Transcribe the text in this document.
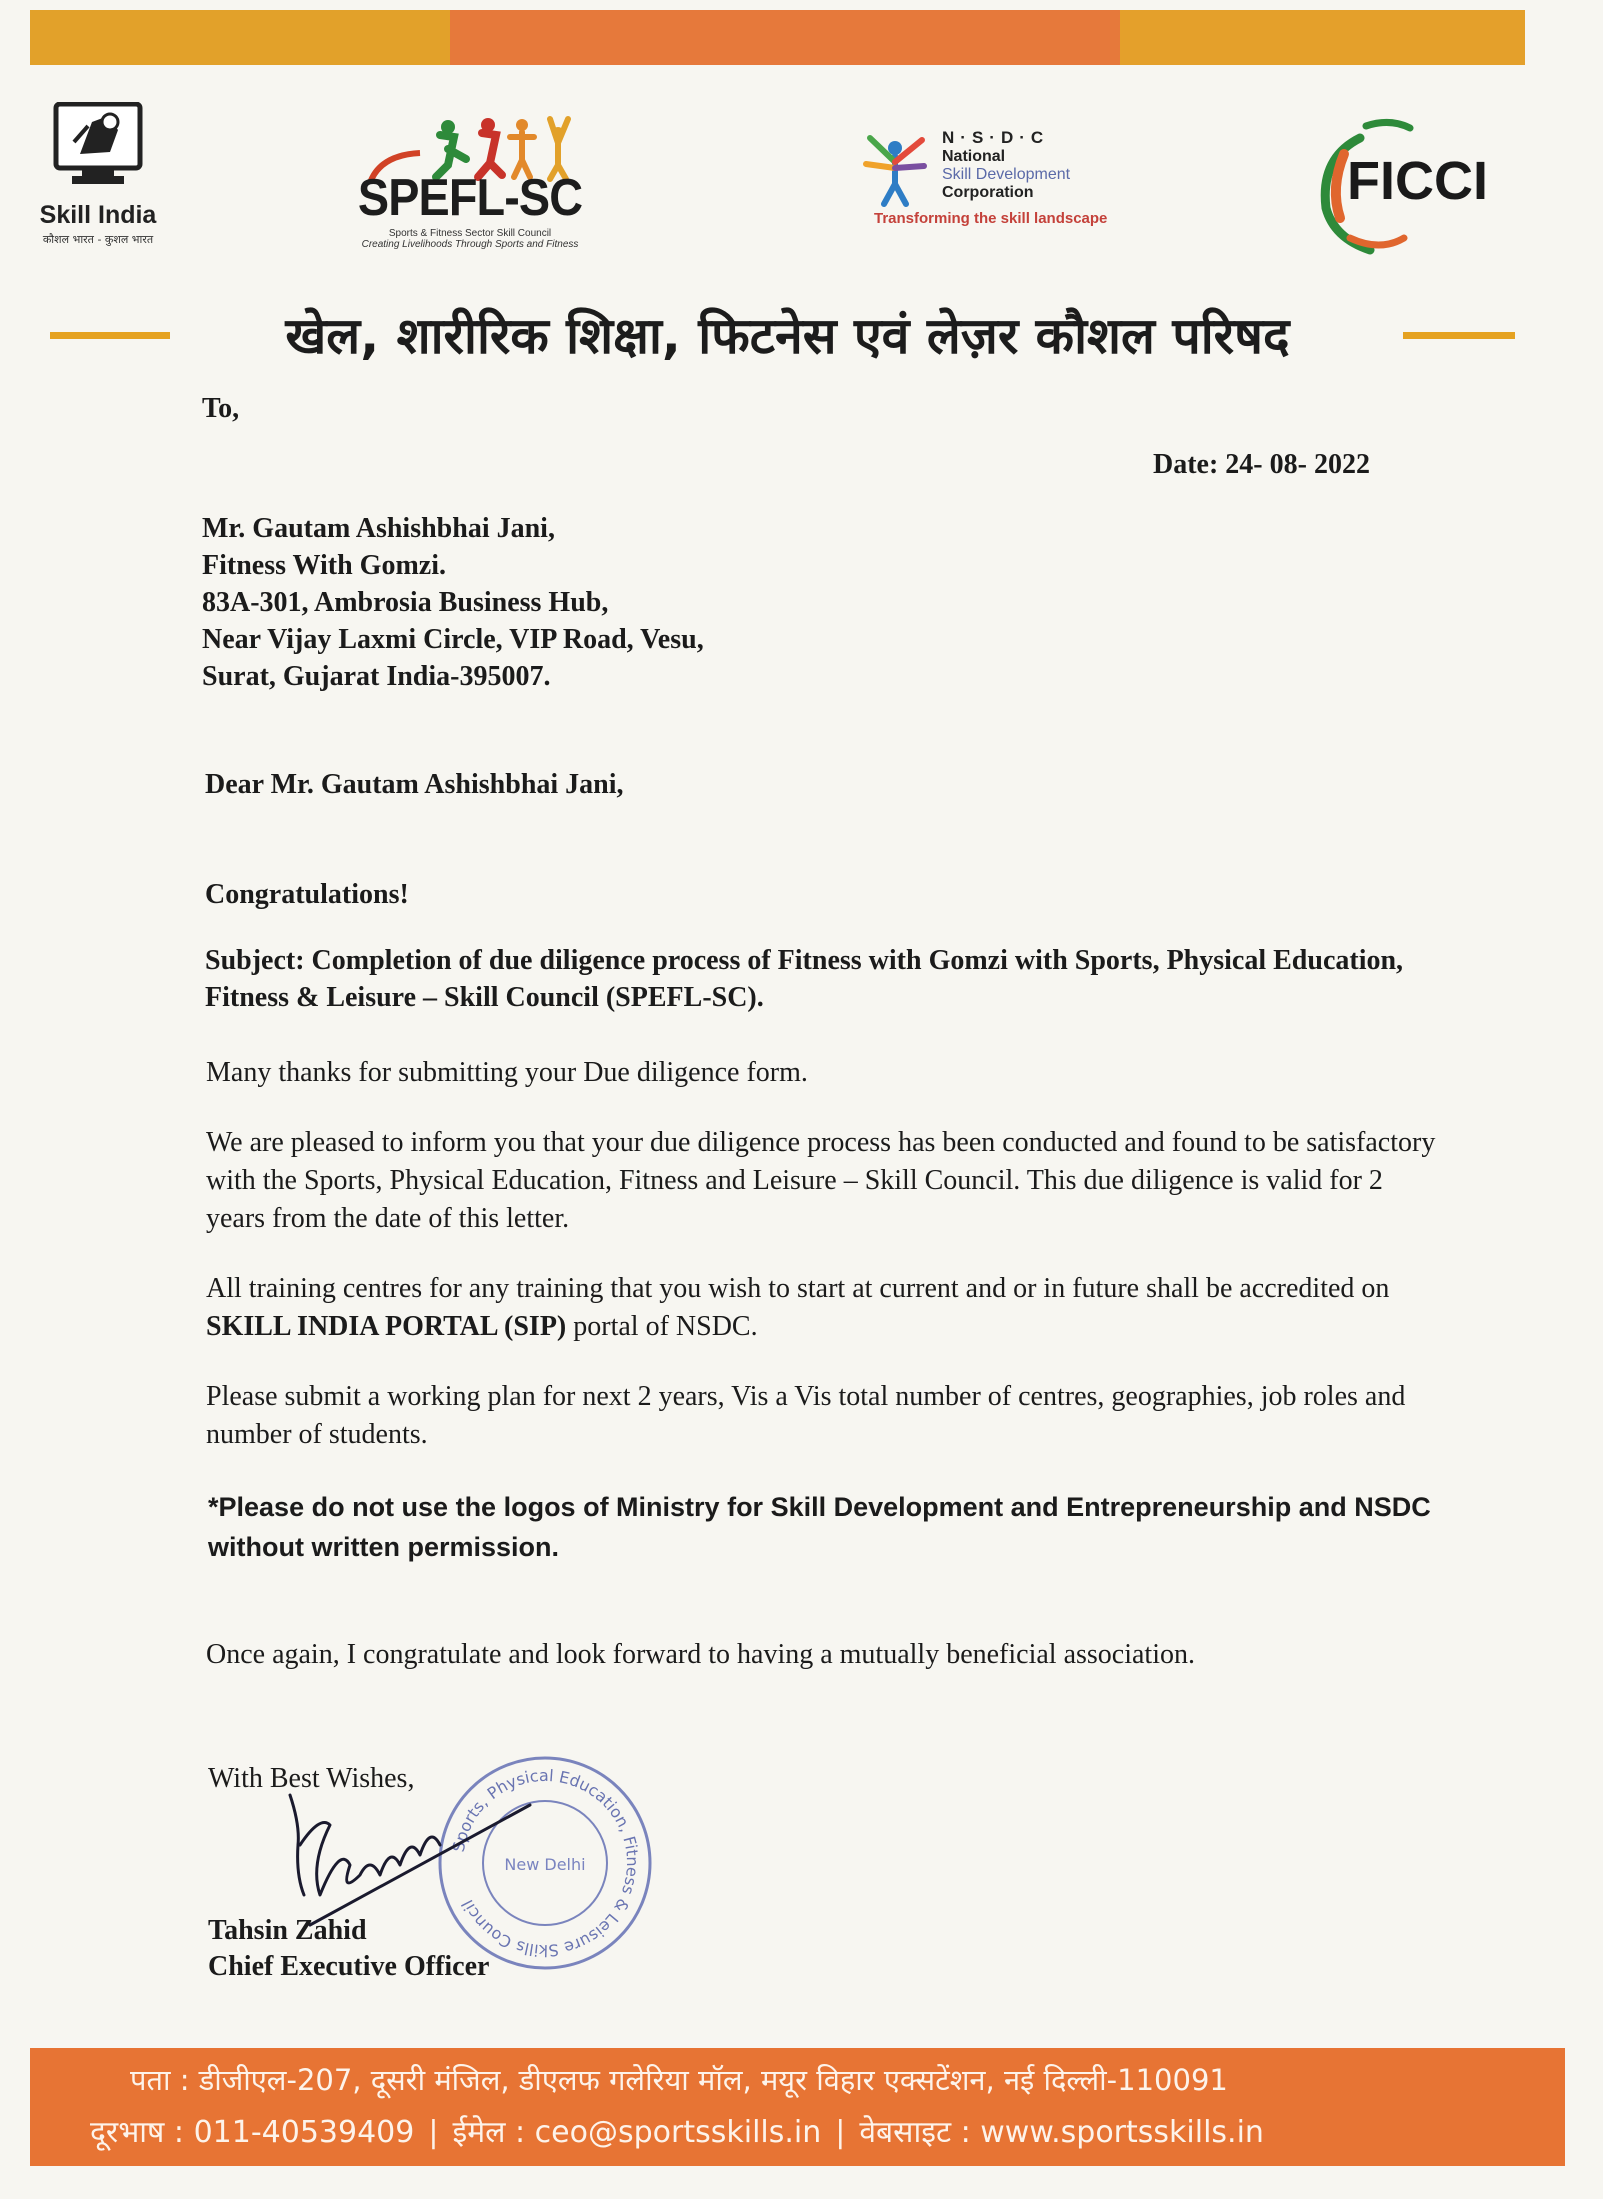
Skill India
कौशल भारत - कुशल भारत
SPEFL-SC
Sports & Fitness Sector Skill Council
Creating Livelihoods Through Sports and Fitness
N·S·D·C
National
Skill Development
Corporation
Transforming the skill landscape
FICCI
खेल, शारीरिक शिक्षा, फिटनेस एवं लेज़र कौशल परिषद
To,
Date: 24- 08- 2022
Mr. Gautam Ashishbhai Jani,
Fitness With Gomzi.
83A-301, Ambrosia Business Hub,
Near Vijay Laxmi Circle, VIP Road, Vesu,
Surat, Gujarat India-395007.
Dear Mr. Gautam Ashishbhai Jani,
Congratulations!
Subject: Completion of due diligence process of Fitness with Gomzi with Sports, Physical Education, Fitness & Leisure – Skill Council (SPEFL-SC).
Many thanks for submitting your Due diligence form.
We are pleased to inform you that your due diligence process has been conducted and found to be satisfactory with the Sports, Physical Education, Fitness and Leisure – Skill Council. This due diligence is valid for 2 years from the date of this letter.
All training centres for any training that you wish to start at current and or in future shall be accredited on SKILL INDIA PORTAL (SIP) portal of NSDC.
Please submit a working plan for next 2 years, Vis a Vis total number of centres, geographies, job roles and number of students.
*Please do not use the logos of Ministry for Skill Development and Entrepreneurship and NSDC without written permission.
Once again, I congratulate and look forward to having a mutually beneficial association.
With Best Wishes,
Sports, Physical Education, Fitness & Leisure Skills Council
New Delhi
Tahsin Zahid
Chief Executive Officer
पता : डीजीएल-207, दूसरी मंजिल, डीएलफ गलेरिया मॉल, मयूर विहार एक्सटेंशन, नई दिल्ली-110091
दूरभाष : 011-40539409 | ईमेल : ceo@sportsskills.in | वेबसाइट : www.sportsskills.in
